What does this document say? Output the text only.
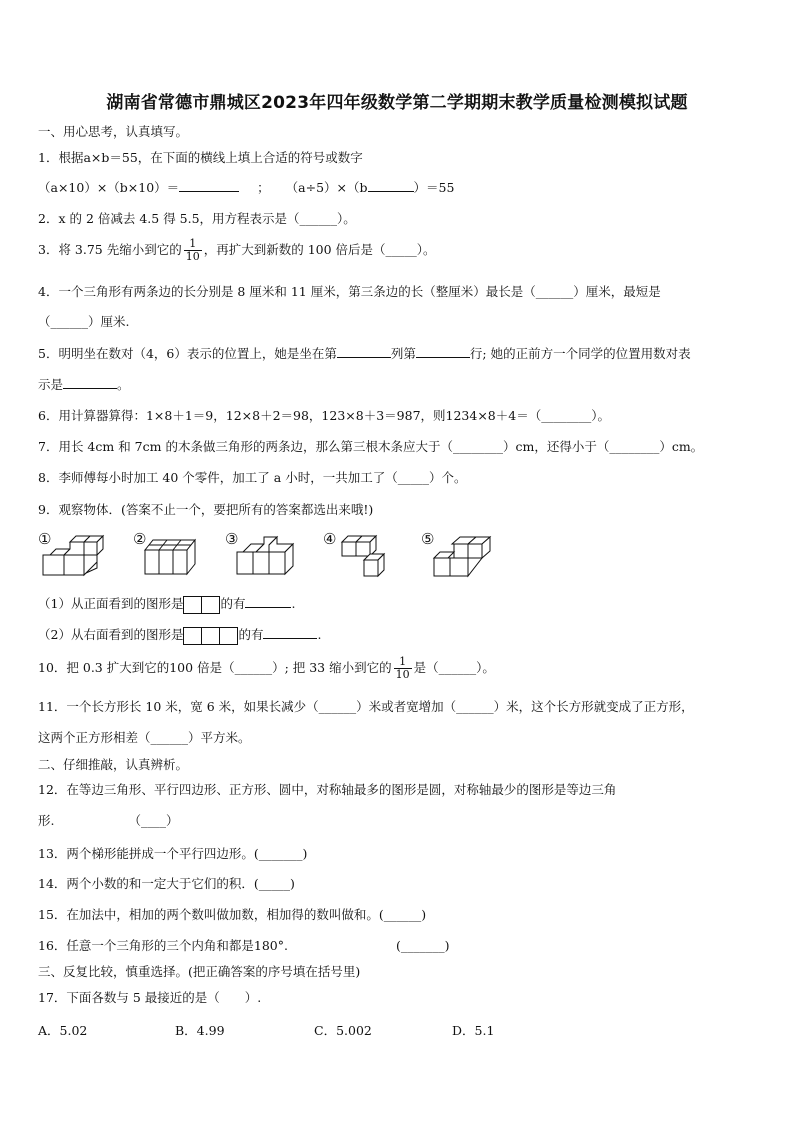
湖南省常德市鼎城区2023年四年级数学第二学期期末教学质量检测模拟试题
一、用心思考，认真填写。
1．根据a×b＝55，在下面的横线上填上合适的符号或数字
（a×10）×（b×10）＝	； （a÷5）×（b	）＝55
2．x 的 2 倍减去 4.5 得 5.5，用方程表示是（______）。
3．将 3.75 先缩小到它的 $\frac{1}{10}$ ，再扩大到新数的 100 倍后是（_____）。
4．一个三角形有两条边的长分别是 8 厘米和 11 厘米，第三条边的长（整厘米）最长是（______）厘米，最短是
（______）厘米.
5．明明坐在数对（4，6）表示的位置上，她是坐在第	列第	行; 她的正前方一个同学的位置用数对表
示是	。
6．用计算器算得：1×8＋1＝9，12×8＋2＝98，123×8＋3＝987，则1234×8＋4＝（________）。
7．用长 4cm 和 7cm 的木条做三角形的两条边，那么第三根木条应大于（________）cm，还得小于（________）cm。
8．李师傅每小时加工 40 个零件，加工了 a 小时，一共加工了（_____）个。
9．观察物体．(答案不止一个，要把所有的答案都选出来哦!)
①	②	③	④	⑤
（1）从正面看到的图形是	的有	.
（2）从右面看到的图形是	的有	.
10．把 0.3 扩大到它的100 倍是（______）; 把 33 缩小到它的 $\frac{1}{10}$ 是（______）。
11．一个长方形长 10 米，宽 6 米，如果长减少（______）米或者宽增加（______）米，这个长方形就变成了正方形，
这两个正方形相差（______）平方米。
二、仔细推敲，认真辨析。
12．在等边三角形、平行四边形、正方形、圆中，对称轴最多的图形是圆，对称轴最少的图形是等边三角
形.	（____）
13．两个梯形能拼成一个平行四边形。(_______)
14．两个小数的和一定大于它们的积．(_____)
15．在加法中，相加的两个数叫做加数，相加得的数叫做和。(______)
16．任意一个三角形的三个内角和都是180°.	(_______)
三、反复比较，慎重选择。(把正确答案的序号填在括号里)
17．下面各数与 5 最接近的是（　　）.
A．5.02	B．4.99	C．5.002	D．5.1
